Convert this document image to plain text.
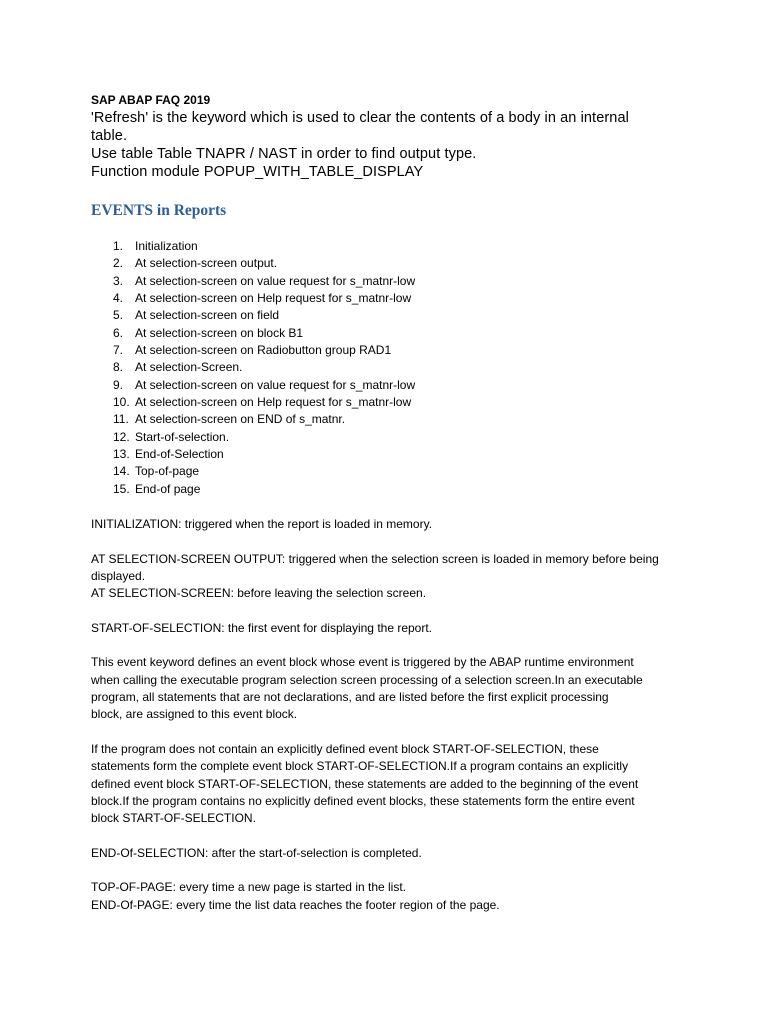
SAP ABAP FAQ 2019

'Refresh' is the keyword which is used to clear the contents of a body in an internal

table.

Use table Table TNAPR / NAST in order to find output type.

Function module POPUP_WITH_TABLE_DISPLAY

EVENTS in Reports
1. Initialization
2. At selection-screen output.
3. At selection-screen on value request for s_matnr-low
4. At selection-screen on Help request for s_matnr-low
5. At selection-screen on field
6. At selection-screen on block B1
7. At selection-screen on Radiobutton group RAD1
8. At selection-Screen.
9. At selection-screen on value request for s_matnr-low
10. At selection-screen on Help request for s_matnr-low
11. At selection-screen on END of s_matnr.
12. Start-of-selection.
13. End-of-Selection
14. Top-of-page
15. End-of page

INITIALIZATION: triggered when the report is loaded in memory.

AT SELECTION-SCREEN OUTPUT: triggered when the selection screen is loaded in memory before being

displayed.

AT SELECTION-SCREEN: before leaving the selection screen.

START-OF-SELECTION: the first event for displaying the report.

This event keyword defines an event block whose event is triggered by the ABAP runtime environment

when calling the executable program selection screen processing of a selection screen.In an executable

program, all statements that are not declarations, and are listed before the first explicit processing

block, are assigned to this event block.

If the program does not contain an explicitly defined event block START-OF-SELECTION, these

statements form the complete event block START-OF-SELECTION.If a program contains an explicitly

defined event block START-OF-SELECTION, these statements are added to the beginning of the event

block.If the program contains no explicitly defined event blocks, these statements form the entire event

block START-OF-SELECTION.

END-Of-SELECTION: after the start-of-selection is completed.

TOP-OF-PAGE: every time a new page is started in the list.

END-Of-PAGE: every time the list data reaches the footer region of the page.
